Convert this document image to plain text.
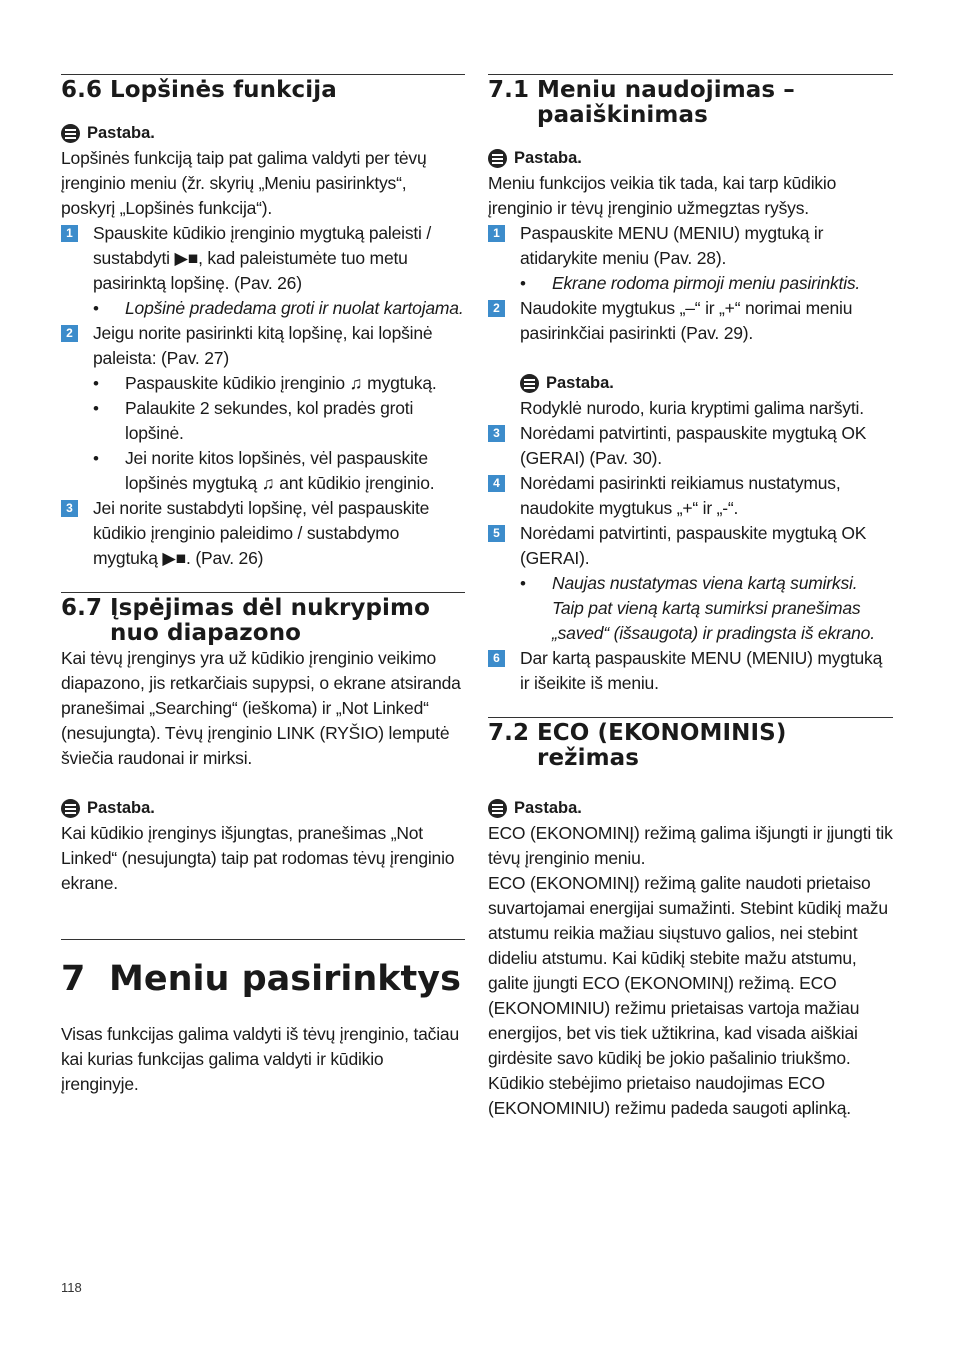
6.6 Lopšinės funkcija
Pastaba.

Lopšinės funkciją taip pat galima valdyti per tėvų įrenginio meniu (žr. skyrių „Meniu pasirinktys“, poskyrį „Lopšinės funkcija“).

1 Spauskite kūdikio įrenginio mygtuką paleisti / sustabdyti ▶■, kad paleistumėte tuo metu pasirinktą lopšinę. (Pav. 26)

•	Lopšinė pradedama groti ir nuolat kartojama.

2 Jeigu norite pasirinkti kitą lopšinę, kai lopšinė paleista: (Pav. 27)

•	Paspauskite kūdikio įrenginio ♫ mygtuką.

•	Palaukite 2 sekundes, kol pradės groti lopšinė.

•	Jei norite kitos lopšinės, vėl paspauskite lopšinės mygtuką ♫ ant kūdikio įrenginio.

3 Jei norite sustabdyti lopšinę, vėl paspauskite kūdikio įrenginio paleidimo / sustabdymo mygtuką ▶■. (Pav. 26)

6.7 Įspėjimas dėl nukrypimo nuo diapazono

Kai tėvų įrenginys yra už kūdikio įrenginio veikimo diapazono, jis retkarčiais supypsi, o ekrane atsiranda pranešimai „Searching“ (ieškoma) ir „Not Linked“ (nesujungta). Tėvų įrenginio LINK (RYŠIO) lemputė šviečia raudonai ir mirksi.

Pastaba.

Kai kūdikio įrenginys išjungtas, pranešimas „Not Linked“ (nesujungta) taip pat rodomas tėvų įrenginio ekrane.

7 Meniu pasirinktys

Visas funkcijas galima valdyti iš tėvų įrenginio, tačiau kai kurias funkcijas galima valdyti ir kūdikio įrenginyje.

7.1 Meniu naudojimas – paaiškinimas
Pastaba.

Meniu funkcijos veikia tik tada, kai tarp kūdikio įrenginio ir tėvų įrenginio užmegztas ryšys.

1 Paspauskite MENU (MENIU) mygtuką ir atidarykite meniu (Pav. 28).

•	Ekrane rodoma pirmoji meniu pasirinktis.

2 Naudokite mygtukus „–“ ir „+“ norimai meniu pasirinkčiai pasirinkti (Pav. 29).

Pastaba.

Rodyklė nurodo, kuria kryptimi galima naršyti.

3 Norėdami patvirtinti, paspauskite mygtuką OK (GERAI) (Pav. 30).

4 Norėdami pasirinkti reikiamus nustatymus, naudokite mygtukus „+“ ir „-“.

5 Norėdami patvirtinti, paspauskite mygtuką OK (GERAI).

•	Naujas nustatymas viena kartą sumirksi. Taip pat vieną kartą sumirksi pranešimas „saved“ (išsaugota) ir pradingsta iš ekrano.

6 Dar kartą paspauskite MENU (MENIU) mygtuką ir išeikite iš meniu.

7.2 ECO (EKONOMINIS) režimas
Pastaba.

ECO (EKONOMINĮ) režimą galima išjungti ir įjungti tik tėvų įrenginio meniu.

ECO (EKONOMINĮ) režimą galite naudoti prietaiso suvartojamai energijai sumažinti. Stebint kūdikį mažu atstumu reikia mažiau siųstuvo galios, nei stebint dideliu atstumu. Kai kūdikį stebite mažu atstumu, galite įjungti ECO (EKONOMINĮ) režimą. ECO (EKONOMINIU) režimu prietaisas vartoja mažiau energijos, bet vis tiek užtikrina, kad visada aiškiai girdėsite savo kūdikį be jokio pašalinio triukšmo. Kūdikio stebėjimo prietaiso naudojimas ECO (EKONOMINIU) režimu padeda saugoti aplinką.

118
